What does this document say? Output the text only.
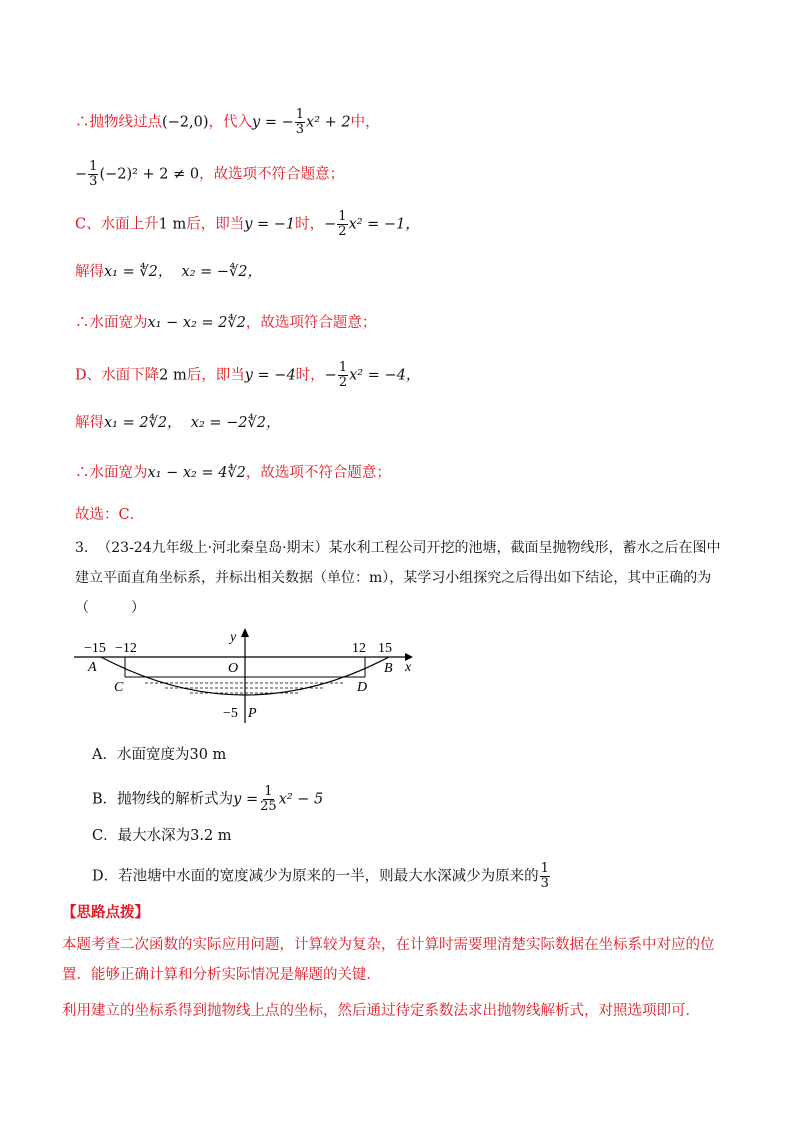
∴抛物线过点(−2,0)，代入y = − $\frac{1}{3} x^2 + 2$中，
− $\frac{1}{3} (-2)^2 + 2 \ne 0$，故选项不符合题意；
C、水面上升1 m后，即当y = −1时，− $\frac{1}{2} x^2 = -1$，
解得x₁ = ∜2， x₂ = −∜2，
∴水面宽为x₁ − x₂ = 2∜2，故选项符合题意；
D、水面下降2 m后，即当y = −4时，− $\frac{1}{2} x^2 = -4$，
解得x₁ = 2∜2， x₂ = −2∜2，
∴水面宽为x₁ − x₂ = 4∜2，故选项不符合题意；
故选：C．
3. （23-24九年级上·河北秦皇岛·期末）某水利工程公司开挖的池塘，截面呈抛物线形，蓄水之后在图中
建立平面直角坐标系，并标出相关数据（单位：m），某学习小组探究之后得出如下结论，其中正确的为
（　　　）
−15 −12	12 15
y
x
O
A	B
C	D
P
−5
A．水面宽度为30 m
B．抛物线的解析式为$y = \frac{1}{25} x^2 - 5$
C．最大水深为3.2 m
D．若池塘中水面的宽度减少为原来的一半，则最大水深减少为原来的 $\frac{1}{3}$
【思路点拨】
本题考查二次函数的实际应用问题，计算较为复杂，在计算时需要理清楚实际数据在坐标系中对应的位置．能够正确计算和分析实际情况是解题的关键．
利用建立的坐标系得到抛物线上点的坐标，然后通过待定系数法求出抛物线解析式，对照选项即可．
